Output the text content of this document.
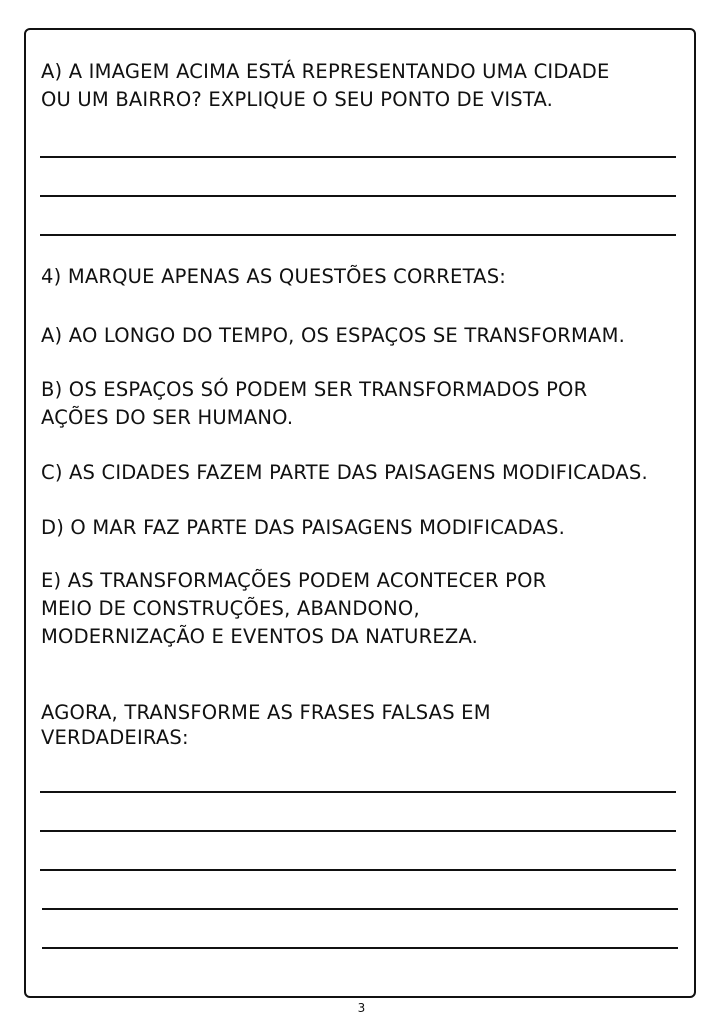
A) A IMAGEM ACIMA ESTÁ REPRESENTANDO UMA CIDADE

OU UM BAIRRO? EXPLIQUE O SEU PONTO DE VISTA.

4) MARQUE APENAS AS QUESTÕES CORRETAS:

A) AO LONGO DO TEMPO, OS ESPAÇOS SE TRANSFORMAM.

B) OS ESPAÇOS SÓ PODEM SER TRANSFORMADOS POR

AÇÕES DO SER HUMANO.

C) AS CIDADES FAZEM PARTE DAS PAISAGENS MODIFICADAS.

D) O MAR FAZ PARTE DAS PAISAGENS MODIFICADAS.

E) AS TRANSFORMAÇÕES PODEM ACONTECER POR

MEIO DE CONSTRUÇÕES, ABANDONO,

MODERNIZAÇÃO E EVENTOS DA NATUREZA.

AGORA, TRANSFORME AS FRASES FALSAS EM

VERDADEIRAS:

3
